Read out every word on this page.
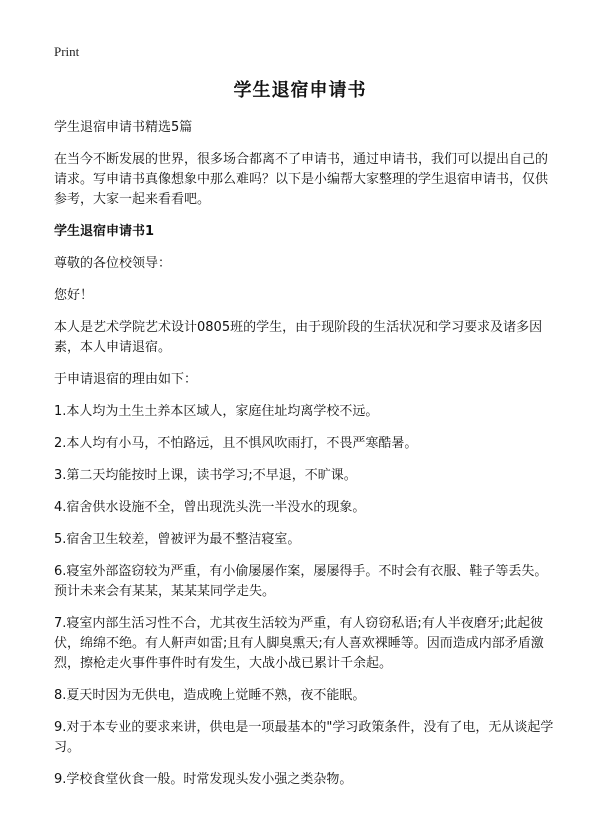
Print
学生退宿申请书

学生退宿申请书精选5篇

在当今不断发展的世界，很多场合都离不了申请书，通过申请书，我们可以提出自己的请求。写申请书真像想象中那么难吗？以下是小编帮大家整理的学生退宿申请书，仅供参考，大家一起来看看吧。

学生退宿申请书1

尊敬的各位校领导：

您好！

本人是艺术学院艺术设计0805班的学生，由于现阶段的生活状况和学习要求及诸多因素，本人申请退宿。

于申请退宿的理由如下：

1.本人均为土生土养本区域人，家庭住址均离学校不远。

2.本人均有小马，不怕路远，且不惧风吹雨打，不畏严寒酷暑。

3.第二天均能按时上课，读书学习;不早退，不旷课。

4.宿舍供水设施不全，曾出现洗头洗一半没水的现象。

5.宿舍卫生较差，曾被评为最不整洁寝室。

6.寝室外部盗窃较为严重，有小偷屡屡作案，屡屡得手。不时会有衣服、鞋子等丢失。预计未来会有某某，某某某同学走失。

7.寝室内部生活习性不合，尤其夜生活较为严重，有人窃窃私语;有人半夜磨牙;此起彼伏，绵绵不绝。有人鼾声如雷;且有人脚臭熏天;有人喜欢裸睡等。因而造成内部矛盾激烈，擦枪走火事件事件时有发生，大战小战已累计千余起。

8.夏天时因为无供电，造成晚上觉睡不熟，夜不能眠。

9.对于本专业的要求来讲，供电是一项最基本的"学习政策条件，没有了电，无从谈起学习。

9.学校食堂伙食一般。时常发现头发小强之类杂物。
